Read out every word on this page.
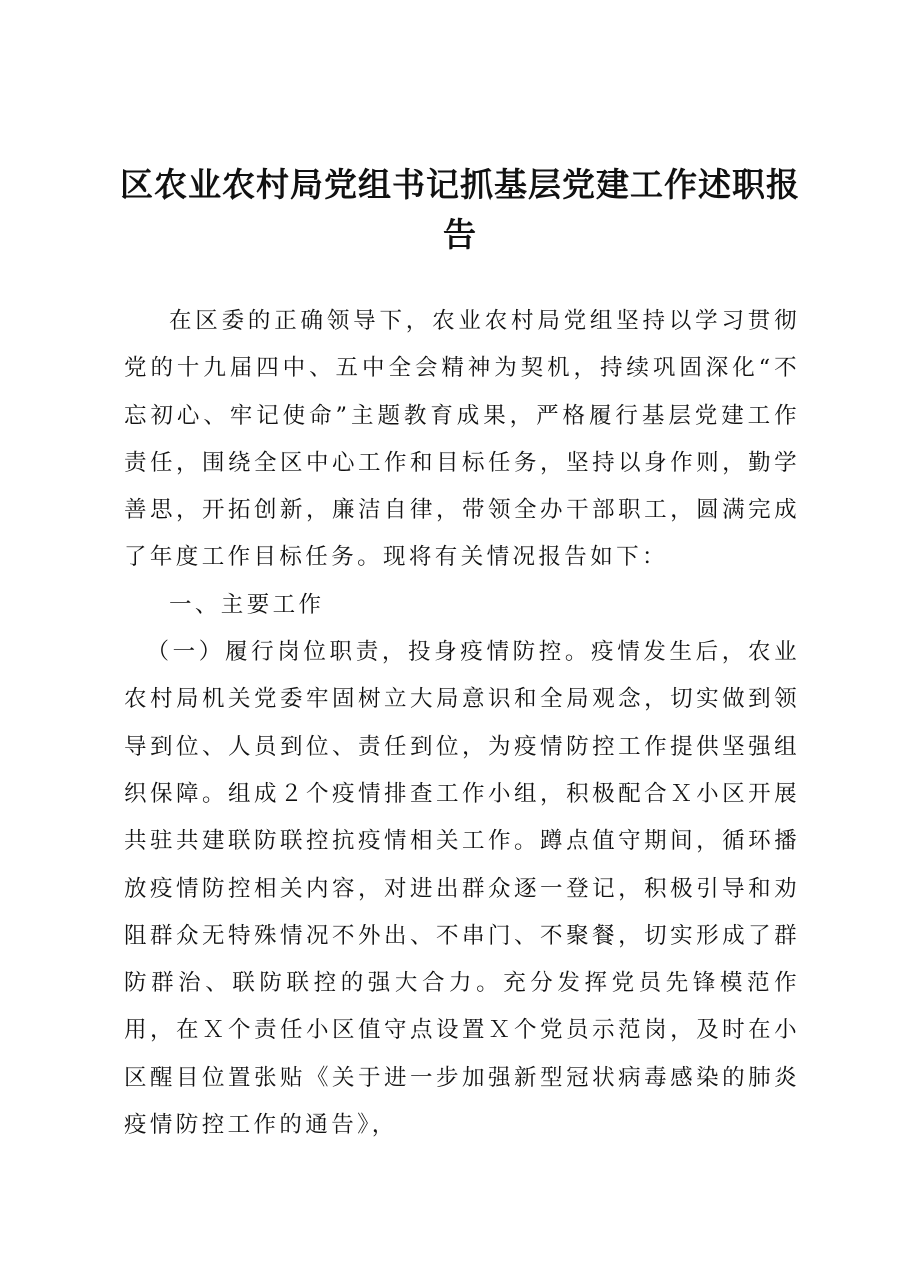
区农业农村局党组书记抓基层党建工作述职报告

在区委的正确领导下，农业农村局党组坚持以学习贯彻党的十九届四中、五中全会精神为契机，持续巩固深化“不忘初心、牢记使命”主题教育成果，严格履行基层党建工作责任，围绕全区中心工作和目标任务，坚持以身作则，勤学善思，开拓创新，廉洁自律，带领全办干部职工，圆满完成了年度工作目标任务。现将有关情况报告如下：

一、主要工作

（一）履行岗位职责，投身疫情防控。疫情发生后，农业农村局机关党委牢固树立大局意识和全局观念，切实做到领导到位、人员到位、责任到位，为疫情防控工作提供坚强组织保障。组成２个疫情排查工作小组，积极配合Ｘ小区开展共驻共建联防联控抗疫情相关工作。蹲点值守期间，循环播放疫情防控相关内容，对进出群众逐一登记，积极引导和劝阻群众无特殊情况不外出、不串门、不聚餐，切实形成了群防群治、联防联控的强大合力。充分发挥党员先锋模范作用，在Ｘ个责任小区值守点设置Ｘ个党员示范岗，及时在小区醒目位置张贴《关于进一步加强新型冠状病毒感染的肺炎疫情防控工作的通告》，
